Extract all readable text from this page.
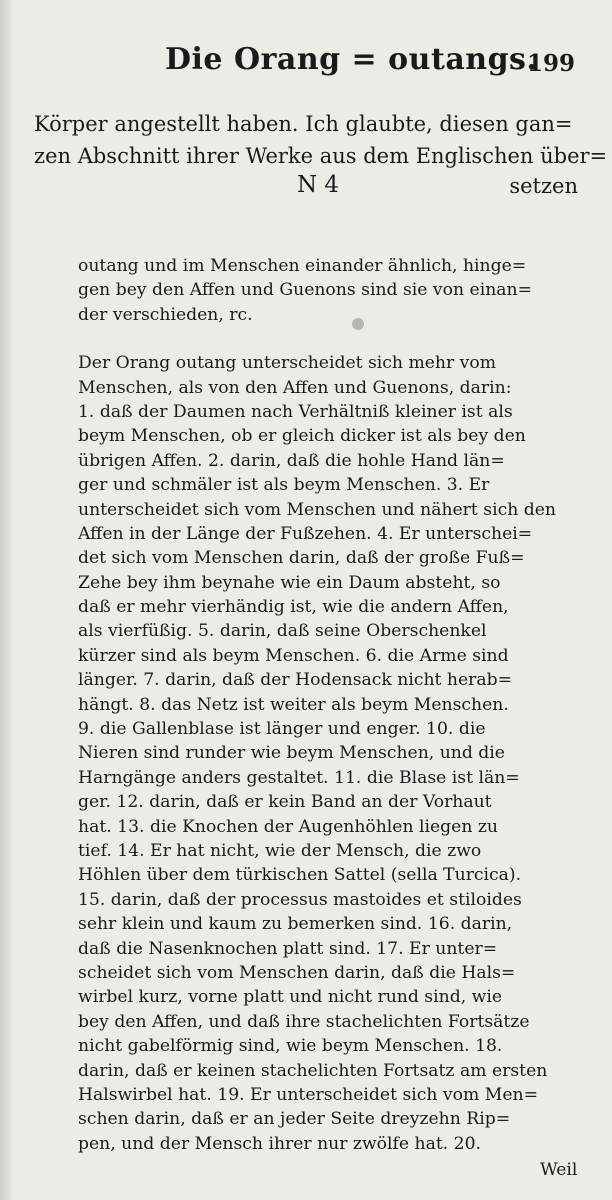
Die Orang = outangs.
199
Körper angestellt haben. Ich glaubte, diesen gan=
zen Abschnitt ihrer Werke aus dem Englischen über=
N 4	setzen
outang und im Menschen einander ähnlich, hinge=
gen bey den Affen und Guenons sind sie von einan=
der verschieden, rc.
Der Orang outang unterscheidet sich mehr vom
Menschen, als von den Affen und Guenons, darin:
1. daß der Daumen nach Verhältniß kleiner ist als
beym Menschen, ob er gleich dicker ist als bey den
übrigen Affen. 2. darin, daß die hohle Hand län=
ger und schmäler ist als beym Menschen. 3. Er
unterscheidet sich vom Menschen und nähert sich den
Affen in der Länge der Fußzehen. 4. Er unterschei=
det sich vom Menschen darin, daß der große Fuß=
Zehe bey ihm beynahe wie ein Daum absteht, so
daß er mehr vierhändig ist, wie die andern Affen,
als vierfüßig. 5. darin, daß seine Oberschenkel
kürzer sind als beym Menschen. 6. die Arme sind
länger. 7. darin, daß der Hodensack nicht herab=
hängt. 8. das Netz ist weiter als beym Menschen.
9. die Gallenblase ist länger und enger. 10. die
Nieren sind runder wie beym Menschen, und die
Harngänge anders gestaltet. 11. die Blase ist län=
ger. 12. darin, daß er kein Band an der Vorhaut
hat. 13. die Knochen der Augenhöhlen liegen zu
tief. 14. Er hat nicht, wie der Mensch, die zwo
Höhlen über dem türkischen Sattel (sella Turcica).
15. darin, daß der processus mastoides et stiloides
sehr klein und kaum zu bemerken sind. 16. darin,
daß die Nasenknochen platt sind. 17. Er unter=
scheidet sich vom Menschen darin, daß die Hals=
wirbel kurz, vorne platt und nicht rund sind, wie
bey den Affen, und daß ihre stachelichten Fortsätze
nicht gabelförmig sind, wie beym Menschen. 18.
darin, daß er keinen stachelichten Fortsatz am ersten
Halswirbel hat. 19. Er unterscheidet sich vom Men=
schen darin, daß er an jeder Seite dreyzehn Rip=
pen, und der Mensch ihrer nur zwölfe hat. 20.
Weil
